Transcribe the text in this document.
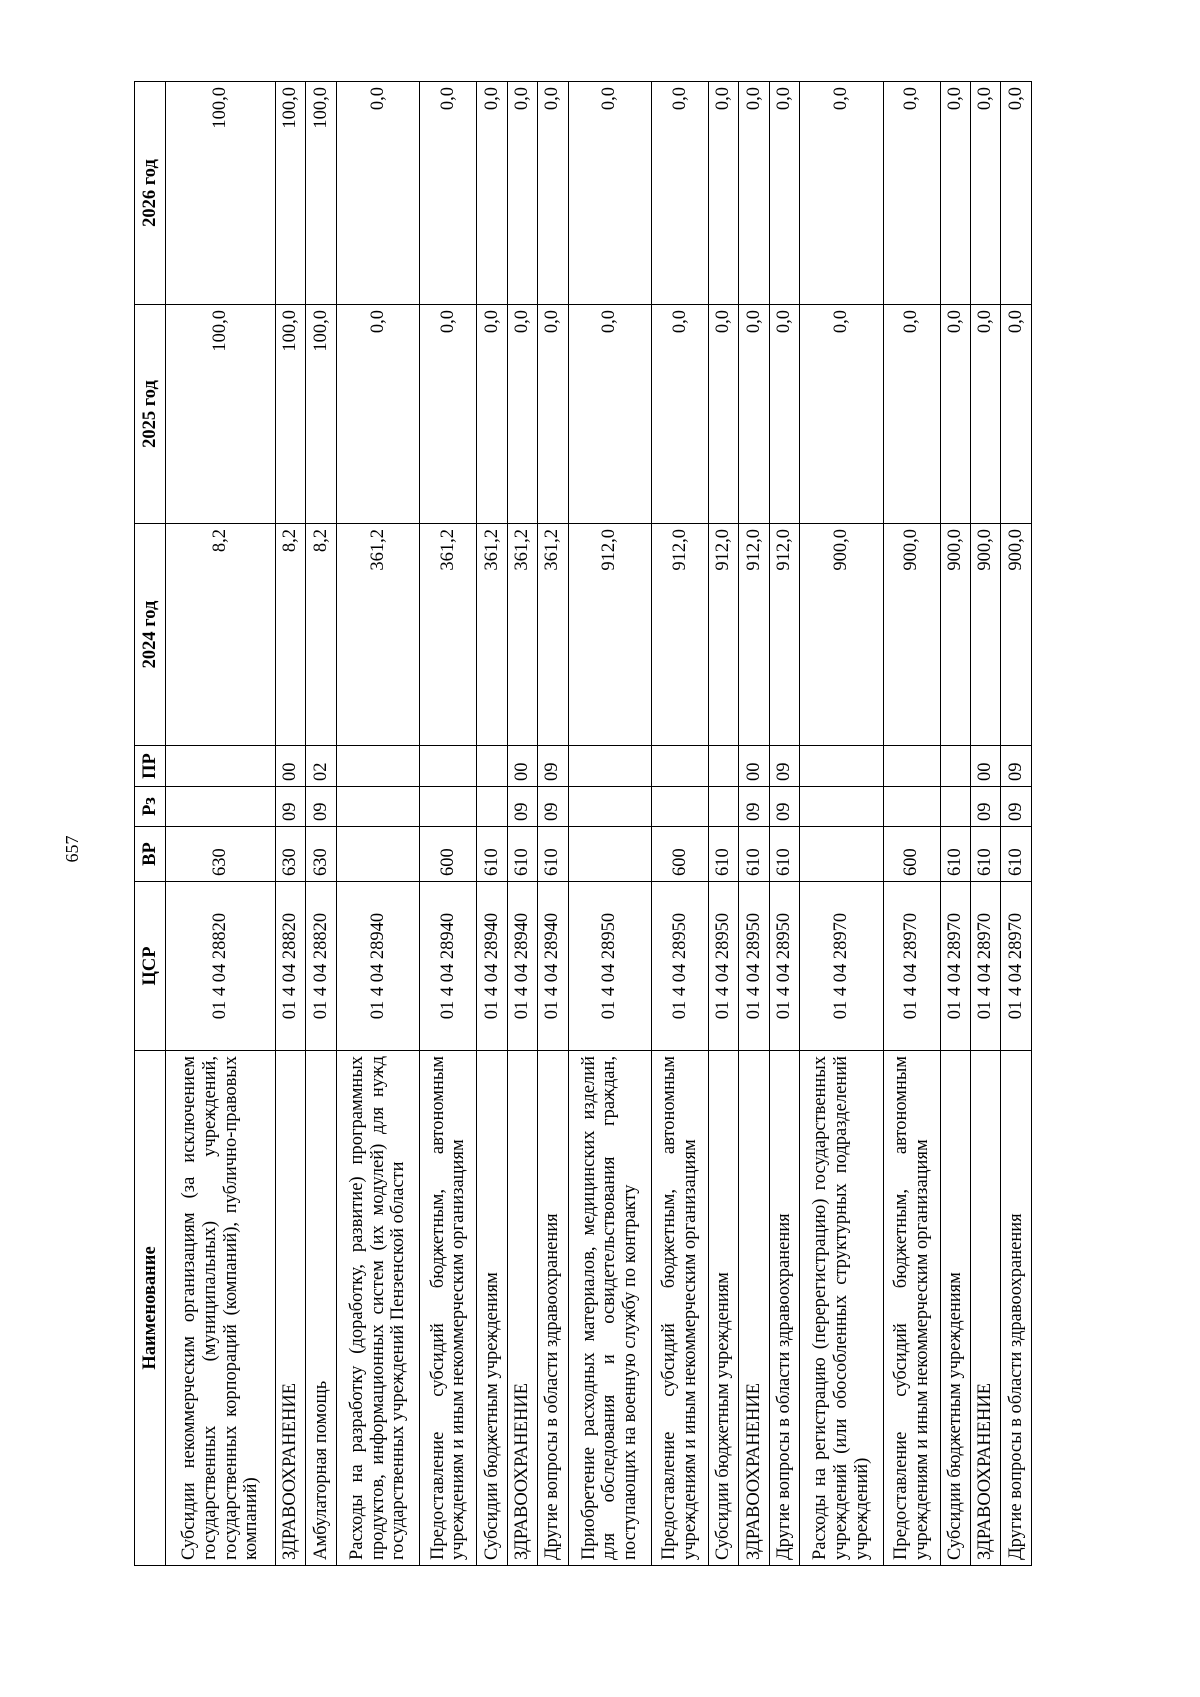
657
Наименование	ЦСР	ВР	Рз	ПР	2024 год	2025 год	2026 год
Субсидии некоммерческим организациям (за исключением государственных (муниципальных) учреждений, государственных корпораций (компаний), публично-правовых компаний)	01 4 04 28820	630			8,2	100,0	100,0
ЗДРАВООХРАНЕНИЕ	01 4 04 28820	630	09	00	8,2	100,0	100,0
Амбулаторная помощь	01 4 04 28820	630	09	02	8,2	100,0	100,0
Расходы на разработку (доработку, развитие) программных продуктов, информационных систем (их модулей) для нужд государственных учреждений Пензенской области	01 4 04 28940				361,2	0,0	0,0
Предоставление субсидий бюджетным, автономным учреждениям и иным некоммерческим организациям	01 4 04 28940	600			361,2	0,0	0,0
Субсидии бюджетным учреждениям	01 4 04 28940	610			361,2	0,0	0,0
ЗДРАВООХРАНЕНИЕ	01 4 04 28940	610	09	00	361,2	0,0	0,0
Другие вопросы в области здравоохранения	01 4 04 28940	610	09	09	361,2	0,0	0,0
Приобретение расходных материалов, медицинских изделий для обследования и освидетельствования граждан, поступающих на военную службу по контракту	01 4 04 28950				912,0	0,0	0,0
Предоставление субсидий бюджетным, автономным учреждениям и иным некоммерческим организациям	01 4 04 28950	600			912,0	0,0	0,0
Субсидии бюджетным учреждениям	01 4 04 28950	610			912,0	0,0	0,0
ЗДРАВООХРАНЕНИЕ	01 4 04 28950	610	09	00	912,0	0,0	0,0
Другие вопросы в области здравоохранения	01 4 04 28950	610	09	09	912,0	0,0	0,0
Расходы на регистрацию (перерегистрацию) государственных учреждений (или обособленных структурных подразделений учреждений)	01 4 04 28970				900,0	0,0	0,0
Предоставление субсидий бюджетным, автономным учреждениям и иным некоммерческим организациям	01 4 04 28970	600			900,0	0,0	0,0
Субсидии бюджетным учреждениям	01 4 04 28970	610			900,0	0,0	0,0
ЗДРАВООХРАНЕНИЕ	01 4 04 28970	610	09	00	900,0	0,0	0,0
Другие вопросы в области здравоохранения	01 4 04 28970	610	09	09	900,0	0,0	0,0
